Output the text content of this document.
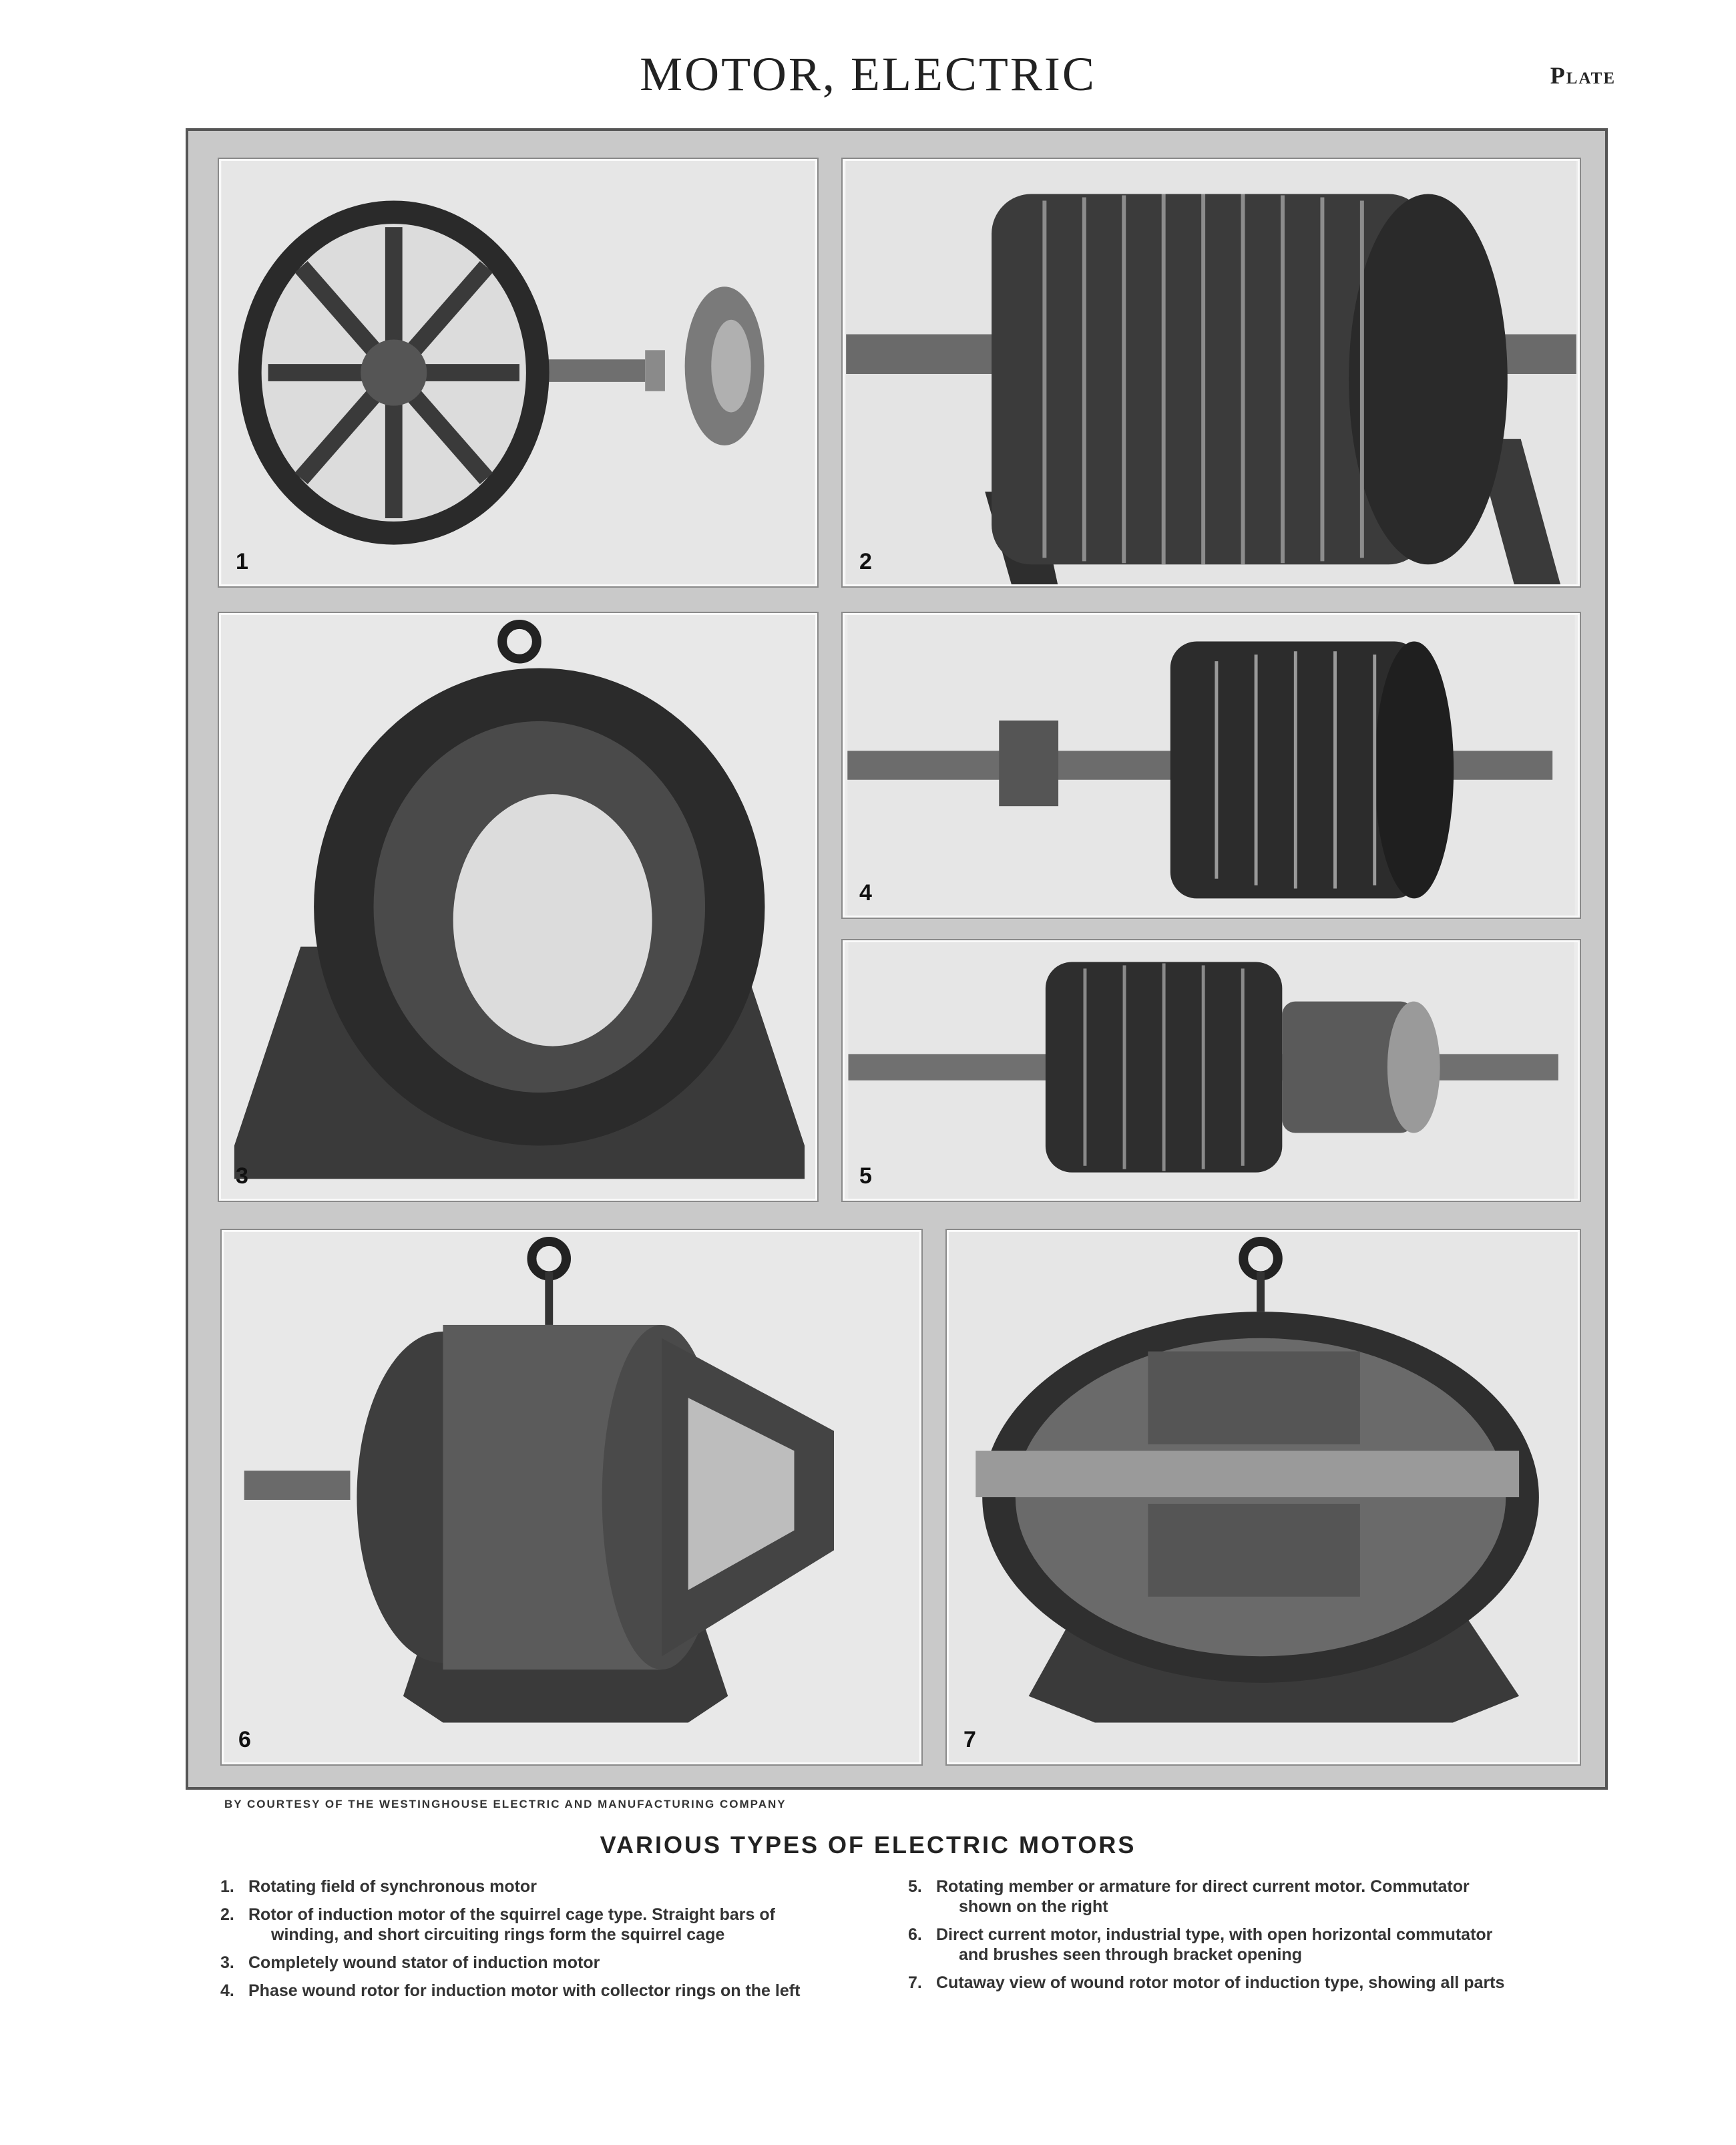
MOTOR, ELECTRIC	Plate
1	2
3
4
5
6	7
BY COURTESY OF THE WESTINGHOUSE ELECTRIC AND MANUFACTURING COMPANY
VARIOUS TYPES OF ELECTRIC MOTORS
1. Rotating field of synchronous motor
2. Rotor of induction motor of the squirrel cage type. Straight bars of
winding, and short circuiting rings form the squirrel cage
3. Completely wound stator of induction motor
4. Phase wound rotor for induction motor with collector rings on the left
5. Rotating member or armature for direct current motor. Commutator
shown on the right
6. Direct current motor, industrial type, with open horizontal commutator
and brushes seen through bracket opening
7. Cutaway view of wound rotor motor of induction type, showing all parts
